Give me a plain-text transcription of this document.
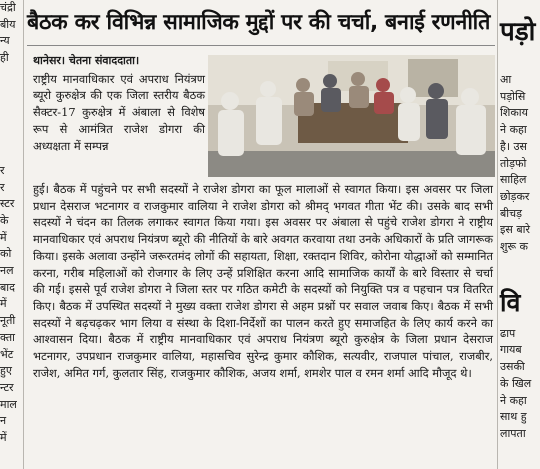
चंद्री
बीय
न्य
ही
र
र
स्टर
के
में
को
नल
बाद
में
नूती
क्ता
भेंट
हुए
न्टर
माल
न
में
बैठक कर विभिन्न सामाजिक मुद्दों पर की चर्चा, बनाई रणनीति
थानेसर। चेतना संवाददाता।

राष्ट्रीय मानवाधिकार एवं अपराध नियंत्रण ब्यूरो कुरुक्षेत्र की एक जिला स्तरीय बैठक सैक्टर-17 कुरुक्षेत्र में अंबाला से विशेष रूप से आमंत्रित राजेश डोगरा की अध्यक्षता में सम्पन्न

हुई। बैठक में पहुंचने पर सभी सदस्यों ने राजेश डोगरा का फूल मालाओं से स्वागत किया। इस अवसर पर जिला प्रधान देसराज भटनागर व राजकुमार वालिया ने राजेश डोगरा को श्रीमद् भगवत गीता भेंट की। उसके बाद सभी सदस्यों ने चंदन का तिलक लगाकर स्वागत किया गया। इस अवसर पर अंबाला से पहुंचे राजेश डोगरा ने राष्ट्रीय मानवाधिकार एवं अपराध नियंत्रण ब्यूरो की नीतियों के बारे अवगत करवाया तथा उनके अधिकारों के प्रति जागरूक किया। इसके अलावा उन्होंने जरूरतमंद लोगों की सहायता, शिक्षा, रक्तदान शिविर, कोरोना योद्धाओं को सम्मानित करना, गरीब महिलाओं को रोजगार के लिए उन्हें प्रशिक्षित करना आदि सामाजिक कार्यों के बारे विस्तार से चर्चा की गई। इससे पूर्व राजेश डोगरा ने जिला स्तर पर गठित कमेटी के सदस्यों को नियुक्ति पत्र व पहचान पत्र वितरित किए। बैठक में उपस्थित सदस्यों ने मुख्य वक्ता राजेश डोगरा से अहम प्रश्नों पर सवाल जवाब किए। बैठक में सभी सदस्यों ने बढ़चढ़कर भाग लिया व संस्था के दिशा-निर्देशों का पालन करते हुए समाजहित के लिए कार्य करने का आश्वासन दिया। बैठक में राष्ट्रीय मानवाधिकार एवं अपराध नियंत्रण ब्यूरो कुरुक्षेत्र के जिला प्रधान देसराज भटनागर, उपप्रधान राजकुमार वालिया, महासचिव सुरेन्द्र कुमार कौशिक, सत्यवीर, राजपाल पांचाल, राजबीर, राजेश, अमित गर्ग, कुलतार सिंह, राजकुमार कौशिक, अजय शर्मा, शमशेर पाल व रमन शर्मा आदि मौजूद थे।

आ
पड़ोसि
शिकाय
ने कहा
है। उस
तोड़फो
साहिल
छोड़कर
बीचड़
इस बारे
शुरू क
ढाप
गायब
उसकी
के खिल
ने कहा
साथ हु
लापता
पड़ो
वि
